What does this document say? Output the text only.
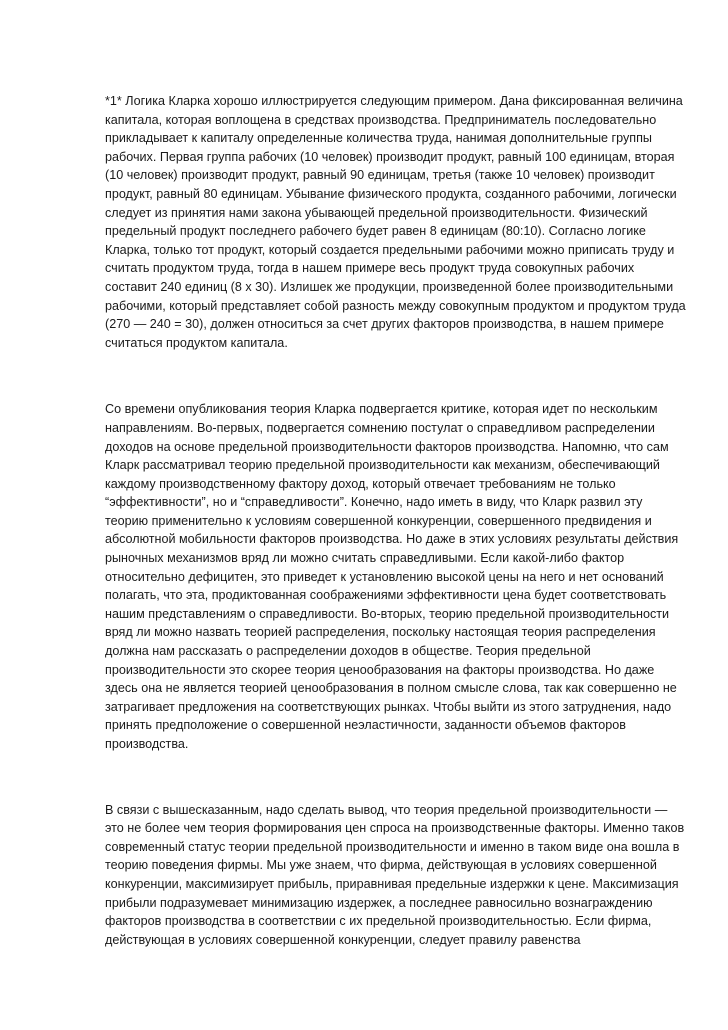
*1* Логика Кларка хорошо иллюстрируется следующим примером. Дана фиксированная величина капитала, которая воплощена в средствах производства. Предприниматель последовательно прикладывает к капиталу определенные количества труда, нанимая дополнительные группы рабочих. Первая группа рабочих (10 человек) производит продукт, равный 100 единицам, вторая (10 человек) производит продукт, равный 90 единицам, третья (также 10 человек) производит продукт, равный 80 единицам. Убывание физического продукта, созданного рабочими, логически следует из принятия нами закона убывающей предельной производительности. Физический предельный продукт последнего рабочего будет равен 8 единицам (80:10). Согласно логике Кларка, только тот продукт, который создается предельными рабочими можно приписать труду и считать продуктом труда, тогда в нашем примере весь продукт труда совокупных рабочих составит 240 единиц (8 х 30). Излишек же продукции, произведенной более производительными рабочими, который представляет собой разность между совокупным продуктом и продуктом труда (270 — 240 = 30), должен относиться за счет других факторов производства, в нашем примере считаться продуктом капитала.

Со времени опубликования теория Кларка подвергается критике, которая идет по нескольким направлениям. Во-первых, подвергается сомнению постулат о справедливом распределении доходов на основе предельной производительности факторов производства. Напомню, что сам Кларк рассматривал теорию предельной производительности как механизм, обеспечивающий каждому производственному фактору доход, который отвечает требованиям не только “эффективности”, но и “справедливости”. Конечно, надо иметь в виду, что Кларк развил эту теорию применительно к условиям совершенной конкуренции, совершенного предвидения и абсолютной мобильности факторов производства. Но даже в этих условиях результаты действия рыночных механизмов вряд ли можно считать справедливыми. Если какой-либо фактор относительно дефицитен, это приведет к установлению высокой цены на него и нет оснований полагать, что эта, продиктованная соображениями эффективности цена будет соответствовать нашим представлениям о справедливости. Во-вторых, теорию предельной производительности вряд ли можно назвать теорией распределения, поскольку настоящая теория распределения должна нам рассказать о распределении доходов в обществе. Теория предельной производительности это скорее теория ценообразования на факторы производства. Но даже здесь она не является теорией ценообразования в полном смысле слова, так как совершенно не затрагивает предложения на соответствующих рынках. Чтобы выйти из этого затруднения, надо принять предположение о совершенной неэластичности, заданности объемов факторов производства.

В связи с вышесказанным, надо сделать вывод, что теория предельной производительности — это не более чем теория формирования цен спроса на производственные факторы. Именно таков современный статус теории предельной производительности и именно в таком виде она вошла в теорию поведения фирмы. Мы уже знаем, что фирма, действующая в условиях совершенной конкуренции, максимизирует прибыль, приравнивая предельные издержки к цене. Максимизация прибыли подразумевает минимизацию издержек, а последнее равносильно вознаграждению факторов производства в соответствии с их предельной производительностью. Если фирма, действующая в условиях совершенной конкуренции, следует правилу равенства
